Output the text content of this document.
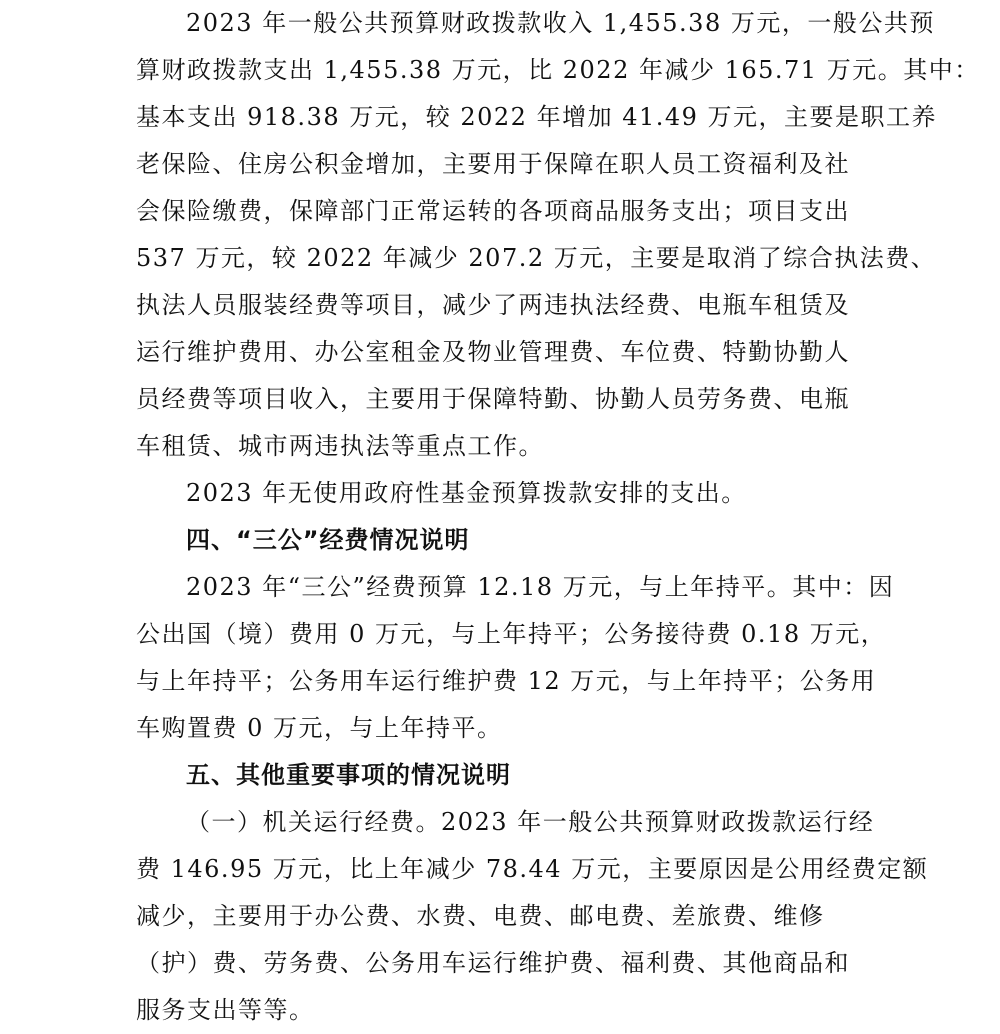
2023 年一般公共预算财政拨款收入 1,455.38 万元，一般公共预
算财政拨款支出 1,455.38 万元，比 2022 年减少 165.71 万元。其中：
基本支出 918.38 万元，较 2022 年增加 41.49 万元，主要是职工养
老保险、住房公积金增加，主要用于保障在职人员工资福利及社
会保险缴费，保障部门正常运转的各项商品服务支出；项目支出
537 万元，较 2022 年减少 207.2 万元，主要是取消了综合执法费、
执法人员服装经费等项目，减少了两违执法经费、电瓶车租赁及
运行维护费用、办公室租金及物业管理费、车位费、特勤协勤人
员经费等项目收入，主要用于保障特勤、协勤人员劳务费、电瓶
车租赁、城市两违执法等重点工作。
2023 年无使用政府性基金预算拨款安排的支出。
四、“三公”经费情况说明
2023 年“三公”经费预算 12.18 万元，与上年持平。其中：因
公出国（境）费用 0 万元，与上年持平；公务接待费 0.18 万元，
与上年持平；公务用车运行维护费 12 万元，与上年持平；公务用
车购置费 0 万元，与上年持平。
五、其他重要事项的情况说明
（一）机关运行经费。2023 年一般公共预算财政拨款运行经
费 146.95 万元，比上年减少 78.44 万元，主要原因是公用经费定额
减少，主要用于办公费、水费、电费、邮电费、差旅费、维修
（护）费、劳务费、公务用车运行维护费、福利费、其他商品和
服务支出等等。
